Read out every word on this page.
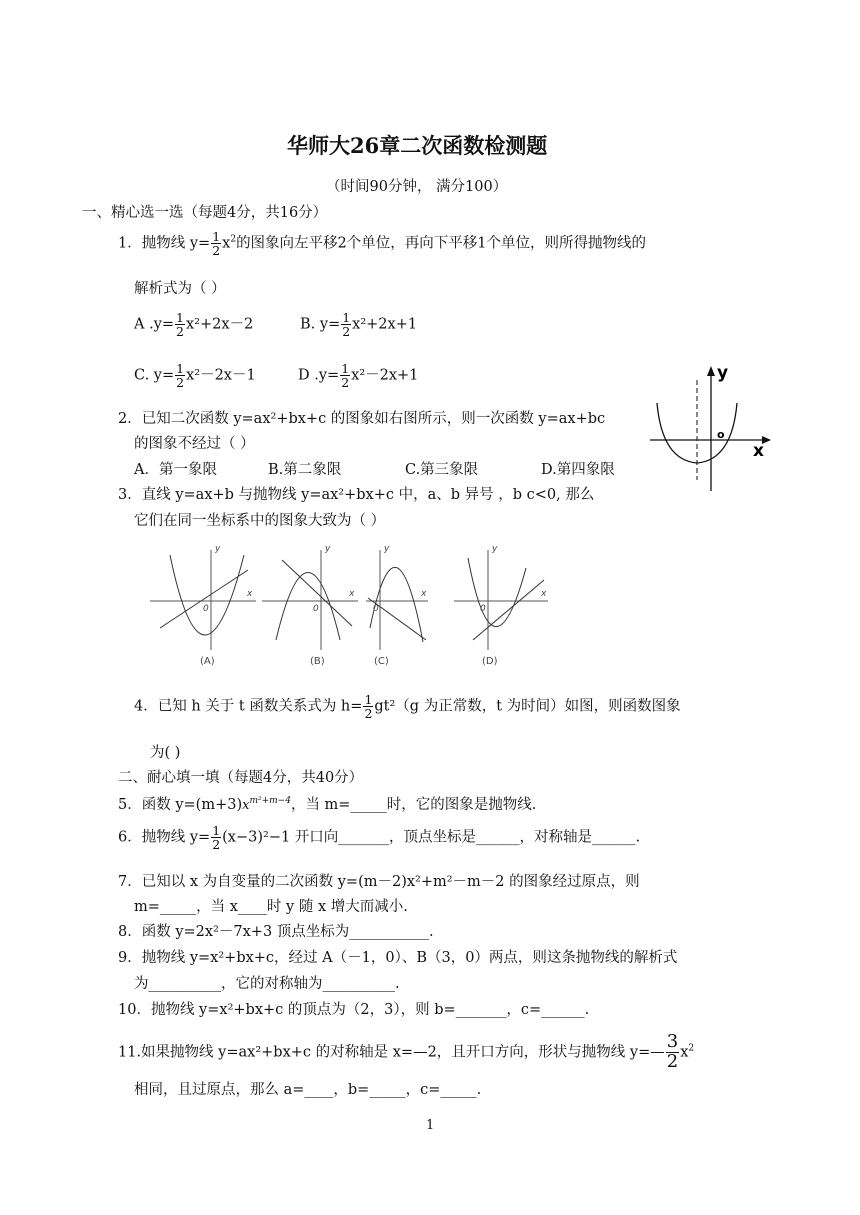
华师大26章二次函数检测题
（时间90分钟， 满分100）
一、精心选一选（每题4分，共16分）
1．抛物线 $y= \frac{1}{2} x^2$的图象向左平移2个单位，再向下平移1个单位，则所得抛物线的
解析式为（ ）
A $.y= \frac{1}{2} x^2+2x-2$	B. $y= \frac{1}{2} x^2+2x+1$
C. $y= \frac{1}{2} x^2-2x-1$	D $.y= \frac{1}{2} x^2-2x+1$	y
x
o
2．已知二次函数 y=ax²+bx+c 的图象如右图所示，则一次函数 y=ax+bc
的图象不经过（ ）
A．第一象限	B.第二象限	C.第三象限	D.第四象限
3．直线 y=ax+b 与抛物线 y=ax²+bx+c 中，a、b 异号 ，b c<0, 那么
它们在同一坐标系中的图象大致为（ ）
y
x
0
y
x
0
y
x
0
y
x
0
(A)	(B)	(C)	(D)
4．已知 h 关于 t 函数关系式为 $h= \frac{1}{2} gt^2(g$ 为正常数，t 为时间）如图，则函数图象
为( )
二、耐心填一填（每题4分，共40分）
5．函数 $y=(m+3)x^{m^2+m-4}$，当 m=_____时，它的图象是抛物线.
6．抛物线 $y= \frac{1}{2} (x-3)^2-1$ 开口向_______，顶点坐标是______，对称轴是______.
7．已知以 x 为自变量的二次函数 y=(m－2)x²+m²－m－2 的图象经过原点，则
m=_____，当 x____时 y 随 x 增大而减小.
8．函数 y=2x²－7x+3 顶点坐标为___________.
9．抛物线 y=x²+bx+c，经过 A（－1，0）、B（3，0）两点，则这条抛物线的解析式
为__________，它的对称轴为__________.
10．抛物线 y=x²+bx+c 的顶点为（2，3），则 b=_______，c=______.
11.如果抛物线 y=ax²+bx+c 的对称轴是 x=—2，且开口方向，形状与抛物线 y=— $\frac{3}{2} x^2$
相同，且过原点，那么 a=____，b=_____，c=_____.
1
